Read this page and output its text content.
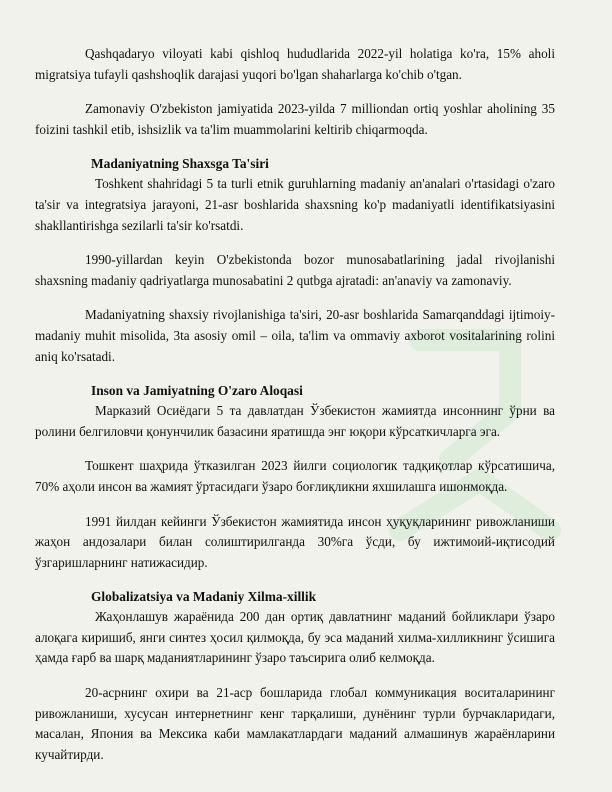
Qashqadaryo viloyati kabi qishloq hududlarida 2022-yil holatiga ko'ra, 15% aholi migratsiya tufayli qashshoqlik darajasi yuqori bo'lgan shaharlarga ko'chib o'tgan.

Zamonaviy O'zbekiston jamiyatida 2023-yilda 7 milliondan ortiq yoshlar aholining 35 foizini tashkil etib, ishsizlik va ta'lim muammolarini keltirib chiqarmoqda.

Madaniyatning Shaxsga Ta'siri

Toshkent shahridagi 5 ta turli etnik guruhlarning madaniy an'analari o'rtasidagi o'zaro ta'sir va integratsiya jarayoni, 21-asr boshlarida shaxsning ko'p madaniyatli identifikatsiyasini shakllantirishga sezilarli ta'sir ko'rsatdi.

1990-yillardan keyin O'zbekistonda bozor munosabatlarining jadal rivojlanishi shaxsning madaniy qadriyatlarga munosabatini 2 qutbga ajratadi: an'anaviy va zamonaviy.

Madaniyatning shaxsiy rivojlanishiga ta'siri, 20-asr boshlarida Samarqanddagi ijtimoiy-madaniy muhit misolida, 3ta asosiy omil – oila, ta'lim va ommaviy axborot vositalarining rolini aniq ko'rsatadi.

Inson va Jamiyatning O'zaro Aloqasi

Марказий Осиёдаги 5 та давлатдан Ўзбекистон жамиятда инсоннинг ўрни ва ролини белгиловчи қонунчилик базасини яратишда энг юқори кўрсаткичларга эга.

Тошкент шаҳрида ўтказилган 2023 йилги социологик тадқиқотлар кўрсатишича, 70% аҳоли инсон ва жамият ўртасидаги ўзаро боғлиқликни яхшилашга ишонмоқда.

1991 йилдан кейинги Ўзбекистон жамиятида инсон ҳуқуқларининг ривожланиши жаҳон андозалари билан солиштирилганда 30%га ўсди, бу ижтимоий-иқтисодий ўзгаришларнинг натижасидир.

Globalizatsiya va Madaniy Xilma-xillik

Жаҳонлашув жараёнида 200 дан ортиқ давлатнинг маданий бойликлари ўзаро алоқага киришиб, янги синтез ҳосил қилмоқда, бу эса маданий хилма-хилликнинг ўсишига ҳамда ғарб ва шарқ маданиятларининг ўзаро таъсирига олиб келмоқда.

20-асрнинг охири ва 21-аср бошларида глобал коммуникация воситаларининг ривожланиши, хусусан интернетнинг кенг тарқалиши, дунёнинг турли бурчакларидаги, масалан, Япония ва Мексика каби мамлакатлардаги маданий алмашинув жараёнларини кучайтирди.
